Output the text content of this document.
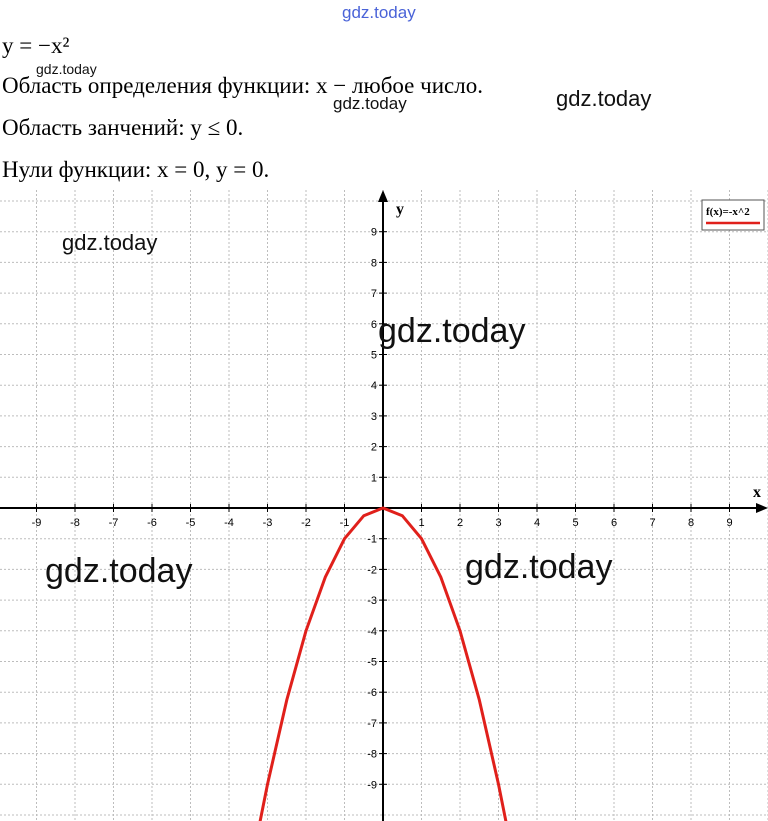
y = −x²
Область определения функции: x − любое число.
Область занчений: y ≤ 0.
Нули функции: x = 0, y = 0.
gdz.today
gdz.today
gdz.today	gdz.today
-9	-8	-7	-6	-5	-4	-3	-2	-1	1	2	3	4	5	6	7	8	9
9
8
7
6
5
4
3
2
1
-1
-2
-3
-4
-5
-6
-7
-8
-9
f(x)=-x^2
x
y
gdz.today
gdz.today
gdz.today	gdz.today
